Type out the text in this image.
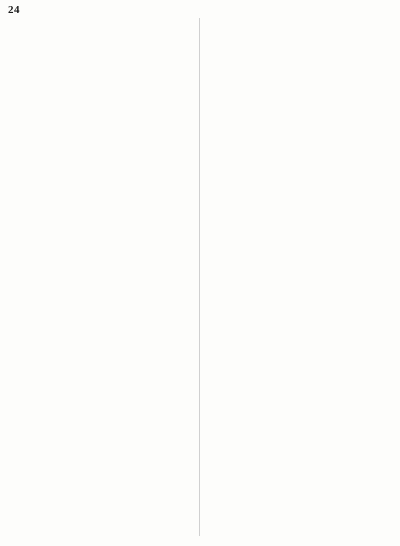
24
